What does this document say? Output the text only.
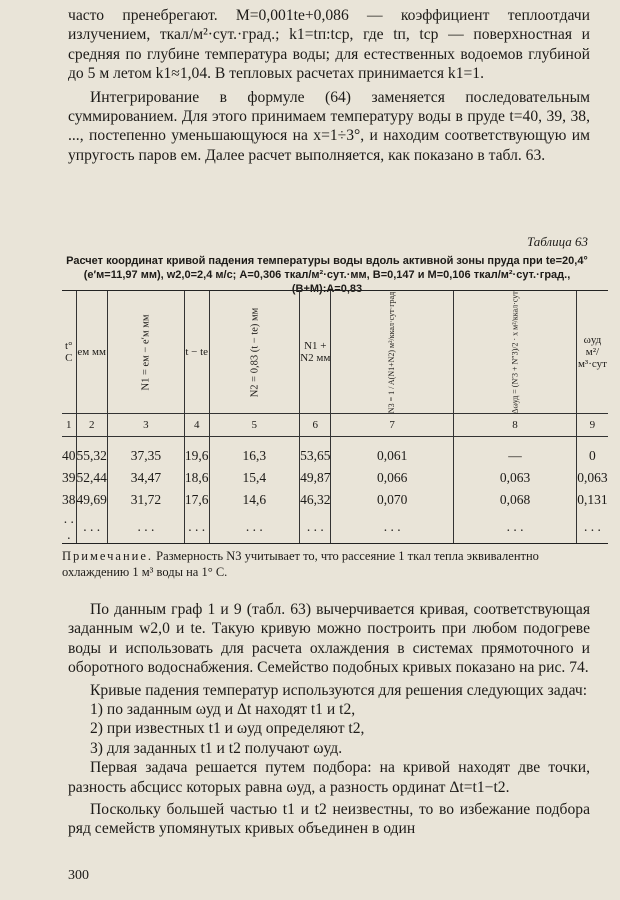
часто пренебрегают. M=0,001tе+0,086 — коэффициент теплоотдачи излучением, ткал/м²·сут.·град.; k1=tп:tср, где tп, tср — поверхностная и средняя по глубине температура воды; для естественных водоемов глубиной до 5 м летом k1≈1,04. В тепловых расчетах принимается k1=1.

Интегрирование в формуле (64) заменяется последовательным суммированием. Для этого принимаем температуру воды в пруде t=40, 39, 38, ..., постепенно уменьшающуюся на x=1÷3°, и находим соответствующую им упругость паров eм. Далее расчет выполняется, как показано в табл. 63.

Таблица 63
Расчет координат кривой падения температуры воды вдоль активной зоны пруда при tе=20,4° (e′м=11,97 мм), w2,0=2,4 м/с; A=0,306 ткал/м²·сут.·мм, B=0,147 и M=0,106 ткал/м²·сут.·град., (B+M):A=0,83
t° C	eм мм	N1 = eм − e′м мм	t − tе	N2 = 0,83 (t − tе) мм	N1 + N2 мм	N3 = 1 / A(N1+N2) м²/ккал·сут·град	Δωуд = (N′3 + N″3)/2 · x м²/ккал·сут	ωуд м²/м³·сут
1	2	3	4	5	6	7	8	9
40	55,32	37,35	19,6	16,3	53,65	0,061	—	0
39	52,44	34,47	18,6	15,4	49,87	0,066	0,063	0,063
38	49,69	31,72	17,6	14,6	46,32	0,070	0,068	0,131
. . .	. . .	. . .	. . .	. . .	. . .	. . .	. . .	. . .
Примечание. Размерность N3 учитывает то, что рассеяние 1 ткал тепла эквивалентно охлаждению 1 м³ воды на 1° С.

По данным граф 1 и 9 (табл. 63) вычерчивается кривая, соответствующая заданным w2,0 и tе. Такую кривую можно построить при любом подогреве воды и использовать для расчета охлаждения в системах прямоточного и оборотного водоснабжения. Семейство подобных кривых показано на рис. 74.

Кривые падения температур используются для решения следующих задач:

1) по заданным ωуд и Δt находят t1 и t2,

2) при известных t1 и ωуд определяют t2,

3) для заданных t1 и t2 получают ωуд.

Первая задача решается путем подбора: на кривой находят две точки, разность абсцисс которых равна ωуд, а разность ординат Δt=t1−t2.

Поскольку большей частью t1 и t2 неизвестны, то во избежание подбора ряд семейств упомянутых кривых объединен в один

300
